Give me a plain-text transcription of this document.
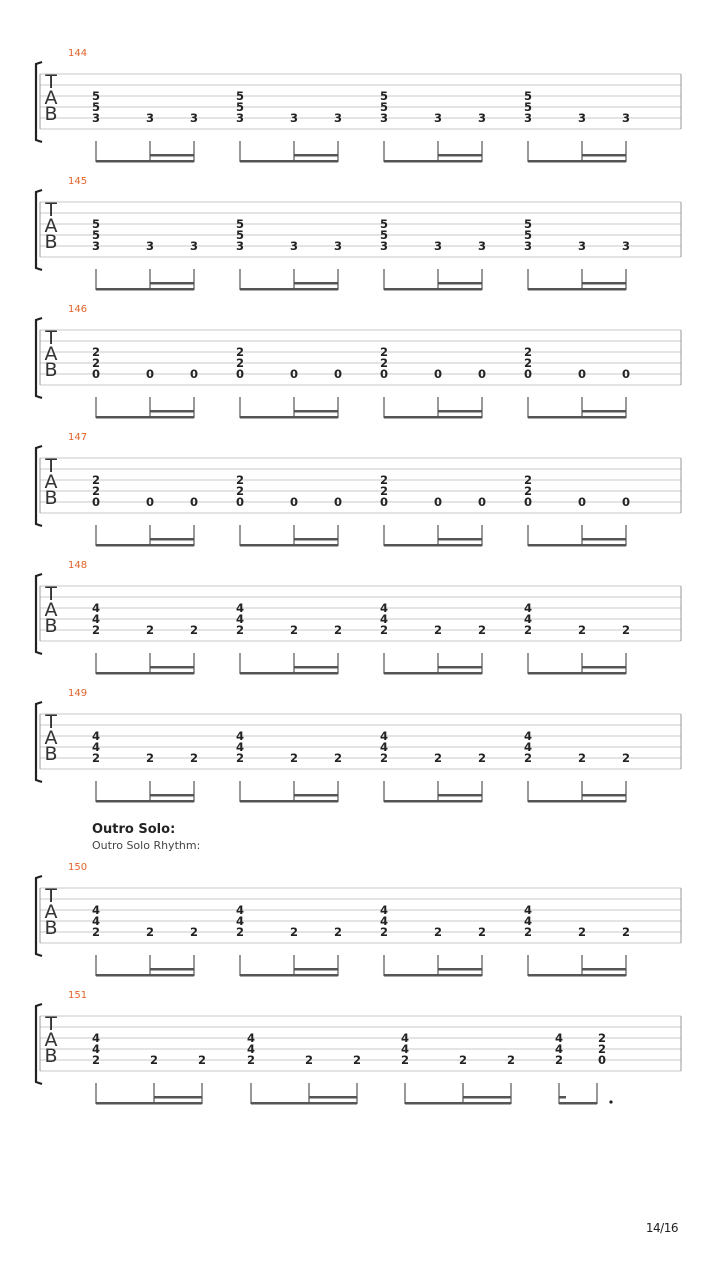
144
T
A
B
5
5
3	3	3
5
5
3	3	3
5
5
3	3	3
5
5
3	3	3
145
T
A
B
5
5
3	3	3
5
5
3	3	3
5
5
3	3	3
5
5
3	3	3
146
T
A
B
2
2
0	0	0
2
2
0	0	0
2
2
0	0	0
2
2
0	0	0
147
T
A
B
2
2
0	0	0
2
2
0	0	0
2
2
0	0	0
2
2
0	0	0
148
T
A
B
4
4
2	2	2
4
4
2	2	2
4
4
2	2	2
4
4
2	2	2
149
T
A
B
4
4
2	2	2
4
4
2	2	2
4
4
2	2	2
4
4
2	2	2
150
T
A
B
4
4
2	2	2
4
4
2	2	2
4
4
2	2	2
4
4
2	2	2
151
T
A
B
4
4
2	2	2
4
4
2	2	2
4
4
2	2	2
4
4
2
2
2
0
Outro Solo:
Outro Solo Rhythm:
14/16
